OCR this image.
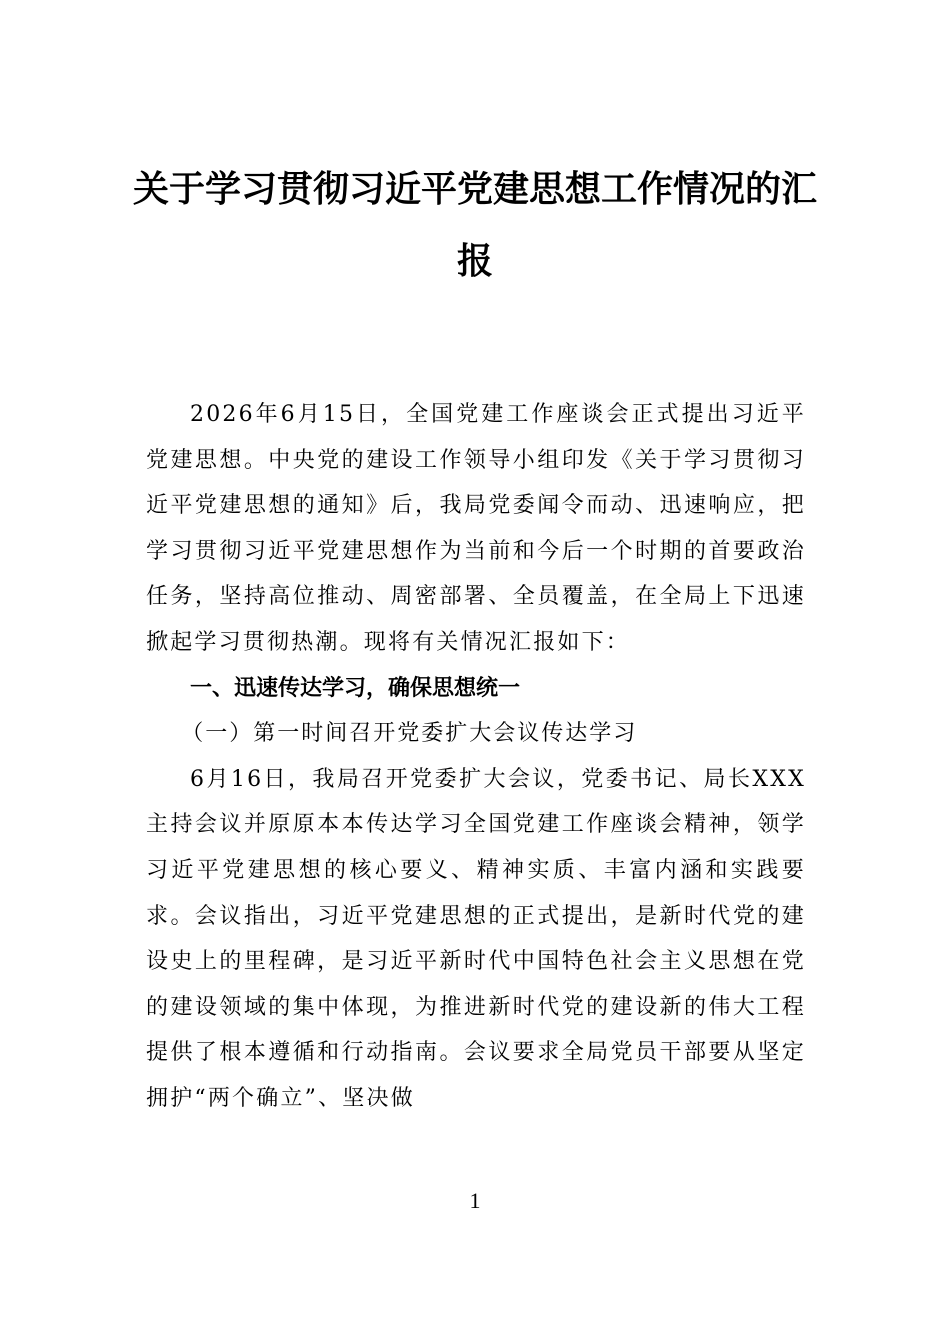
关于学习贯彻习近平党建思想工作情况的汇报

2026年6月15日，全国党建工作座谈会正式提出习近平党建思想。中央党的建设工作领导小组印发《关于学习贯彻习近平党建思想的通知》后，我局党委闻令而动、迅速响应，把学习贯彻习近平党建思想作为当前和今后一个时期的首要政治任务，坚持高位推动、周密部署、全员覆盖，在全局上下迅速掀起学习贯彻热潮。现将有关情况汇报如下：

一、迅速传达学习，确保思想统一

（一）第一时间召开党委扩大会议传达学习

6月16日，我局召开党委扩大会议，党委书记、局长XXX主持会议并原原本本传达学习全国党建工作座谈会精神，领学习近平党建思想的核心要义、精神实质、丰富内涵和实践要求。会议指出，习近平党建思想的正式提出，是新时代党的建设史上的里程碑，是习近平新时代中国特色社会主义思想在党的建设领域的集中体现，为推进新时代党的建设新的伟大工程提供了根本遵循和行动指南。会议要求全局党员干部要从坚定拥护“两个确立”、坚决做

1
